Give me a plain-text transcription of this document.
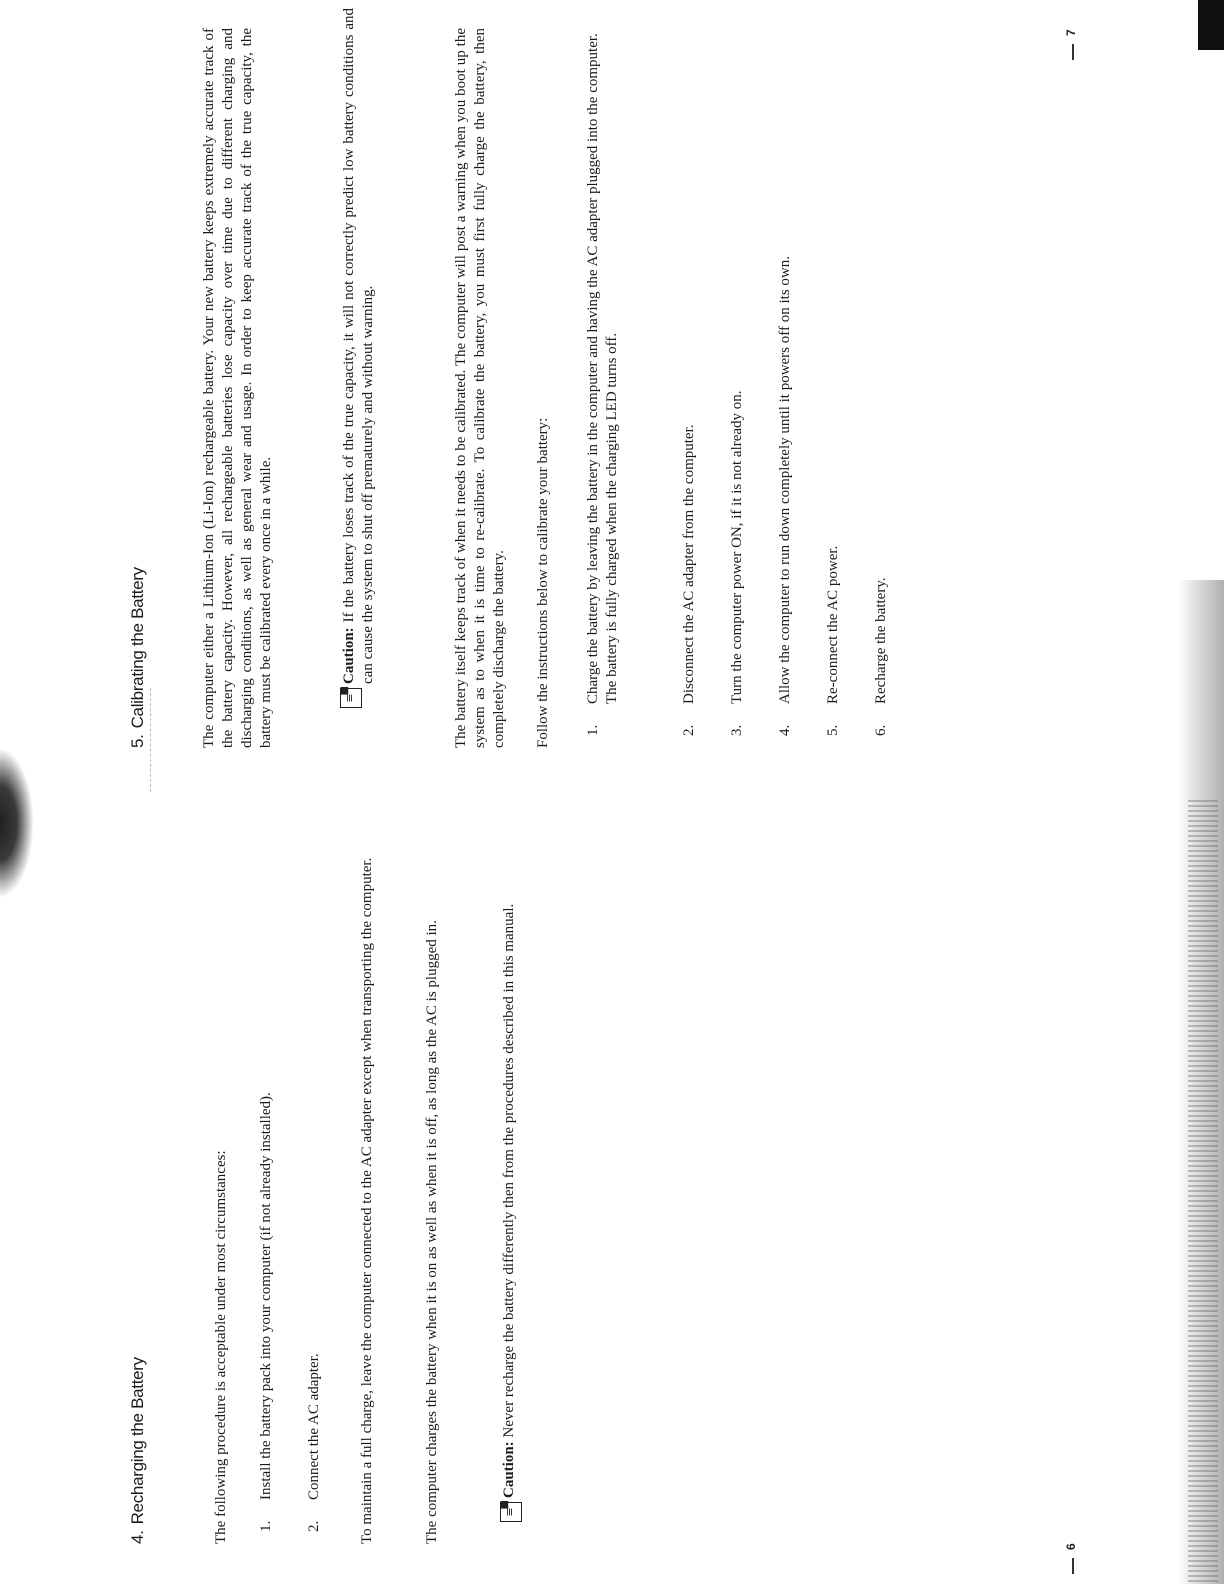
4.Recharging the Battery	The following procedure is acceptable under most circumstances: 1.
Install the battery pack into your computer (if not already installed).
2.
Connect the AC adapter. To maintain a full charge, leave the computer connected to the AC adapter except when transporting the computer.	The computer charges the battery when it is on as well as when it is off, as long as the AC is plugged in.	≡
■

Caution: Never recharge the battery differently then from the procedures described in this manual.

6
5.Calibrating the Battery	The computer either a Lithium-Ion (Li-Ion) rechargeable battery. Your new battery keeps extremely accurate track of the battery capacity. However, all rechargeable batteries lose capacity over time due to different charging and discharging conditions, as well as general wear and usage. In order to keep accurate track of the true capacity, the battery must be calibrated every once in a while.	≡
■

Caution: If the battery loses track of the true capacity, it will not correctly predict low battery conditions and can cause the system to shut off prematurely and without warning.	The battery itself keeps track of when it needs to be calibrated. The computer will post a warning when you boot up the system as to when it is time to re-calibrate. To calibrate the battery, you must first fully charge the battery, then completely discharge the battery. Follow the instructions below to calibrate your battery: 1.
Charge the battery by leaving the battery in the computer and having the AC adapter plugged into the computer. The battery is fully charged when the charging LED turns off.
2.
Disconnect the AC adapter from the computer.
3.
Turn the computer power ON, if it is not already on.
4.
Allow the computer to run down completely until it powers off on its own.
5.
Re-connect the AC power.
6.
Recharge the battery.
7
